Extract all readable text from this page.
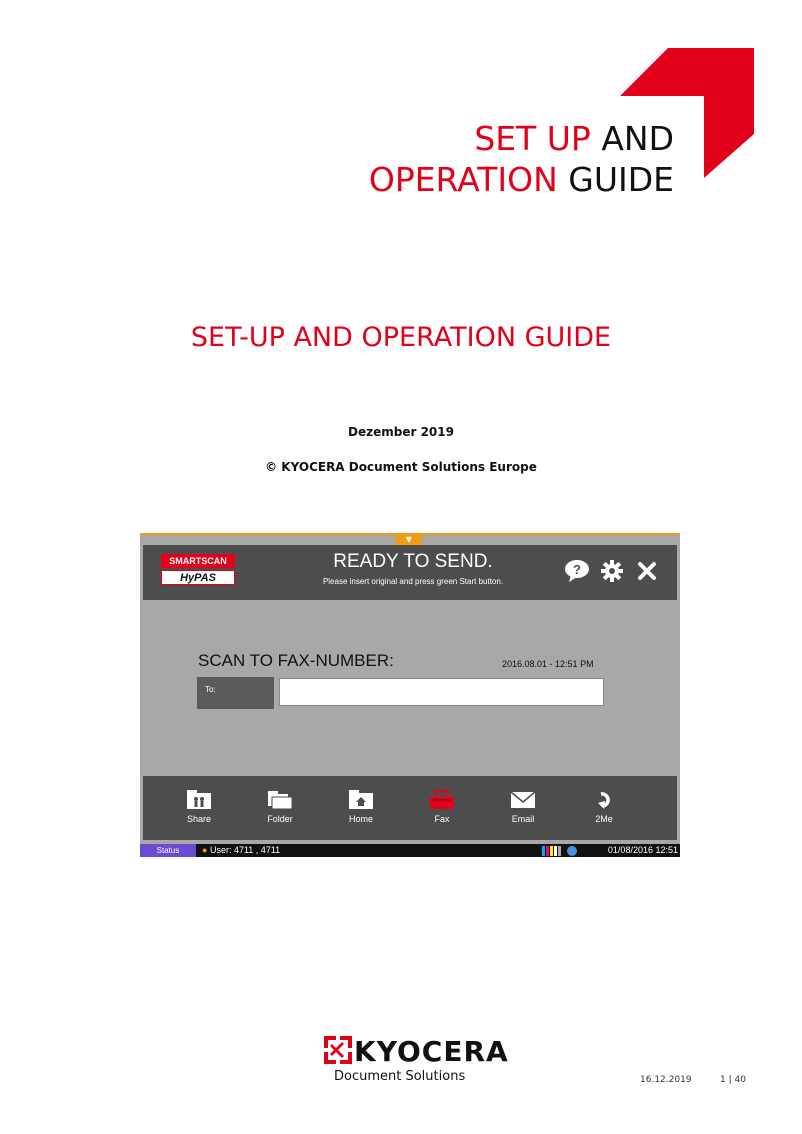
SET UP AND
OPERATION GUIDE
SET-UP AND OPERATION GUIDE
Dezember 2019
© KYOCERA Document Solutions Europe
▼
SMARTSCAN
HyPAS
READY TO SEND.
Please insert original and press green Start button.
?
SCAN TO FAX-NUMBER:	2016.08.01 - 12:51 PM
To:
Share	Folder	Home	Fax	Email	2Me
Status	● User: 4711 , 4711	01/08/2016 12:51
KYOCERA
Document Solutions	16.12.2019	1 | 40
